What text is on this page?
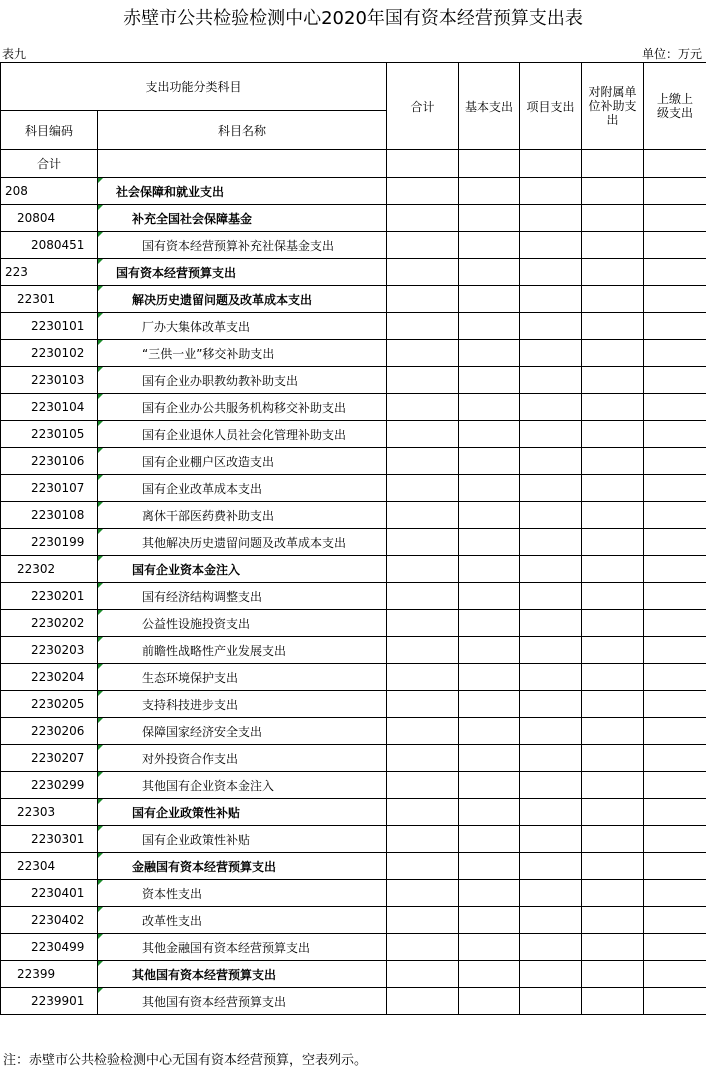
赤壁市公共检验检测中心2020年国有资本经营预算支出表
表九	单位：万元
支出功能分类科目		合计	基本支出	项目支出	对附属单位补助支出	上缴上级支出
科目编码	科目名称					
合计						
208	社会保障和就业支出					
20804	补充全国社会保障基金					
2080451	国有资本经营预算补充社保基金支出					
223	国有资本经营预算支出					
22301	解决历史遗留问题及改革成本支出					
2230101	厂办大集体改革支出					
2230102	“三供一业”移交补助支出					
2230103	国有企业办职教幼教补助支出					
2230104	国有企业办公共服务机构移交补助支出					
2230105	国有企业退休人员社会化管理补助支出					
2230106	国有企业棚户区改造支出					
2230107	国有企业改革成本支出					
2230108	离休干部医药费补助支出					
2230199	其他解决历史遗留问题及改革成本支出					
22302	国有企业资本金注入					
2230201	国有经济结构调整支出					
2230202	公益性设施投资支出					
2230203	前瞻性战略性产业发展支出					
2230204	生态环境保护支出					
2230205	支持科技进步支出					
2230206	保障国家经济安全支出					
2230207	对外投资合作支出					
2230299	其他国有企业资本金注入					
22303	国有企业政策性补贴					
2230301	国有企业政策性补贴					
22304	金融国有资本经营预算支出					
2230401	资本性支出					
2230402	改革性支出					
2230499	其他金融国有资本经营预算支出					
22399	其他国有资本经营预算支出					
2239901	其他国有资本经营预算支出					
注：赤壁市公共检验检测中心无国有资本经营预算，空表列示。
